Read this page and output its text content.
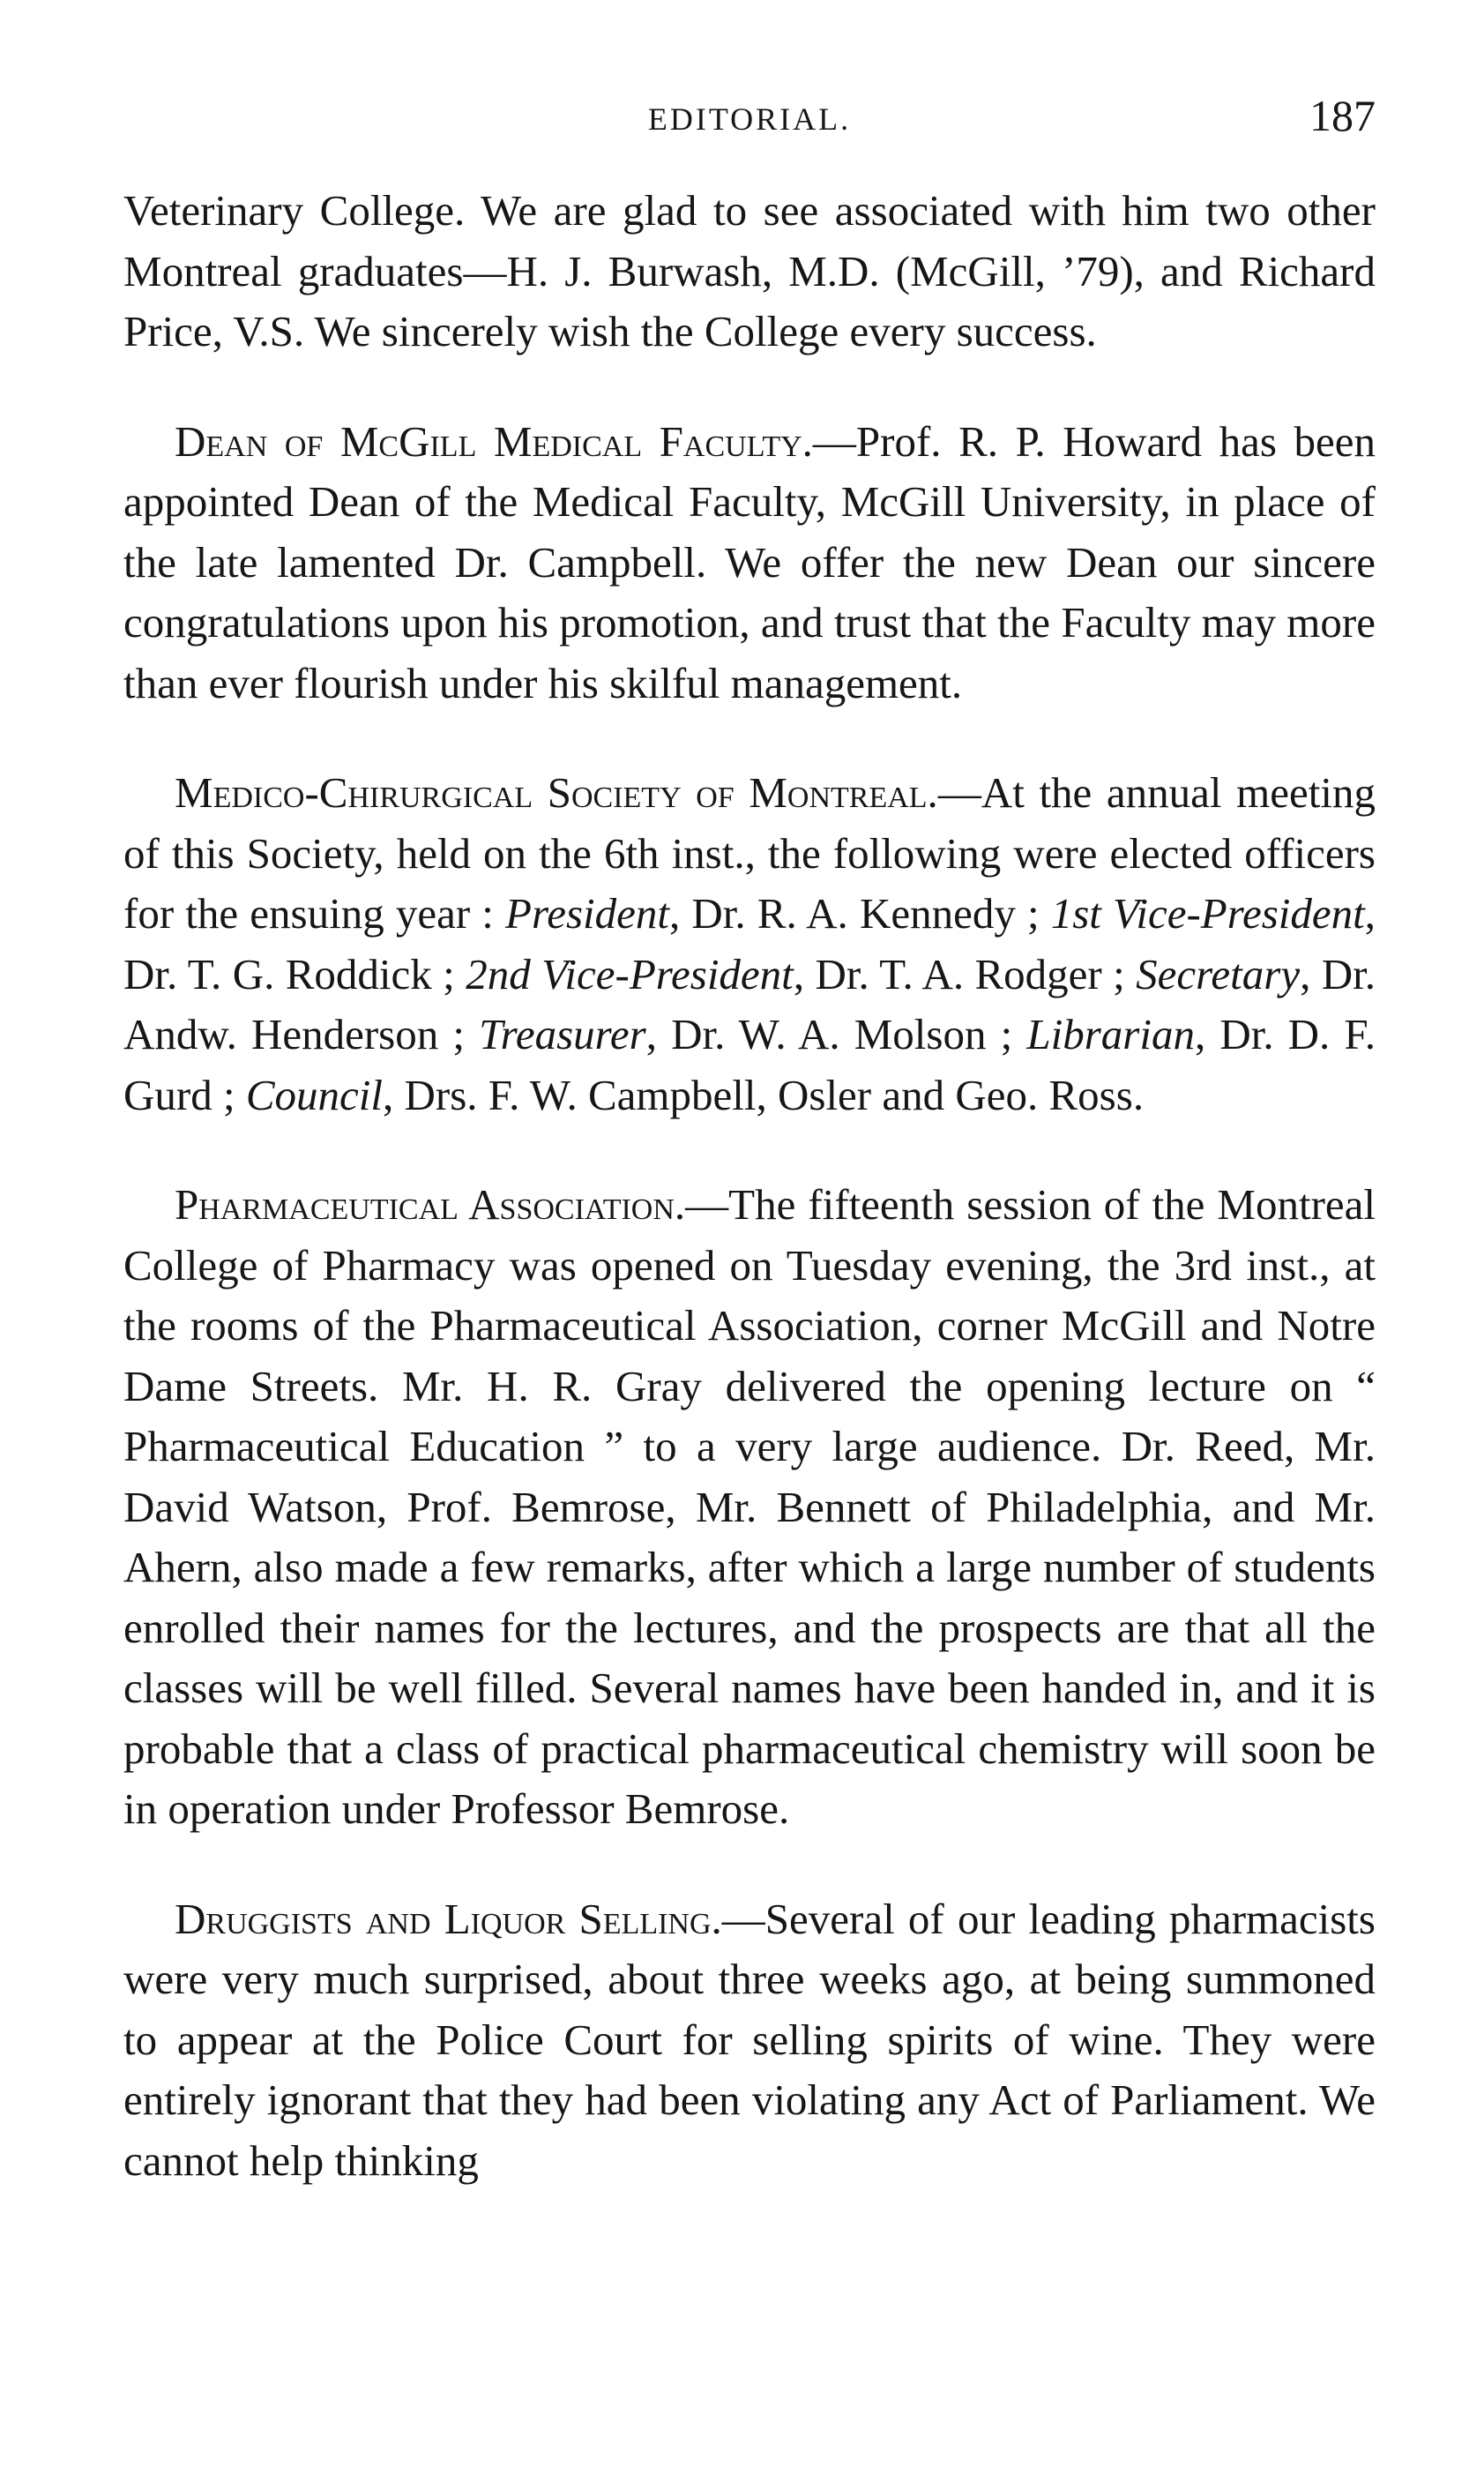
EDITORIAL.	187

Veterinary College. We are glad to see associated with him two other Montreal graduates—H. J. Burwash, M.D. (McGill, ’79), and Richard Price, V.S. We sincerely wish the College every success.

Dean of McGill Medical Faculty.—Prof. R. P. Howard has been appointed Dean of the Medical Faculty, McGill University, in place of the late lamented Dr. Campbell. We offer the new Dean our sincere congratulations upon his promotion, and trust that the Faculty may more than ever flourish under his skilful management.

Medico-Chirurgical Society of Montreal.—At the annual meeting of this Society, held on the 6th inst., the following were elected officers for the ensuing year : President, Dr. R. A. Kennedy ; 1st Vice-President, Dr. T. G. Roddick ; 2nd Vice-President, Dr. T. A. Rodger ; Secretary, Dr. Andw. Henderson ; Treasurer, Dr. W. A. Molson ; Librarian, Dr. D. F. Gurd ; Council, Drs. F. W. Campbell, Osler and Geo. Ross.

Pharmaceutical Association.—The fifteenth session of the Montreal College of Pharmacy was opened on Tuesday evening, the 3rd inst., at the rooms of the Pharmaceutical Association, corner McGill and Notre Dame Streets. Mr. H. R. Gray delivered the opening lecture on “ Pharmaceutical Education ” to a very large audience. Dr. Reed, Mr. David Watson, Prof. Bemrose, Mr. Bennett of Philadelphia, and Mr. Ahern, also made a few remarks, after which a large number of students enrolled their names for the lectures, and the prospects are that all the classes will be well filled. Several names have been handed in, and it is probable that a class of practical pharmaceutical chemistry will soon be in operation under Professor Bemrose.

Druggists and Liquor Selling.—Several of our leading pharmacists were very much surprised, about three weeks ago, at being summoned to appear at the Police Court for selling spirits of wine. They were entirely ignorant that they had been violating any Act of Parliament. We cannot help thinking
